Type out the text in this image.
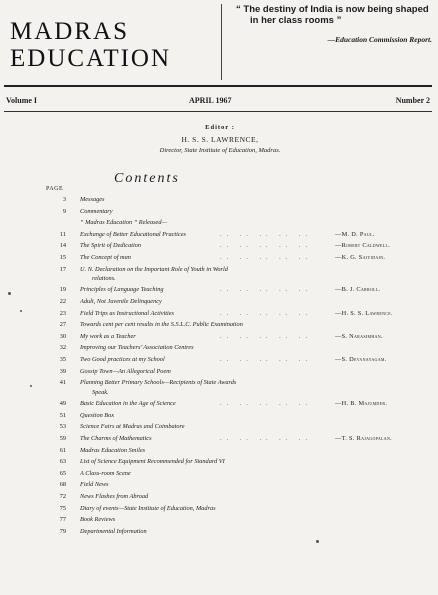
MADRAS
EDUCATION
“ The destiny of India is now being shaped
in her class rooms ”
—Education Commission Report.
Volume I	APRIL 1967	Number 2
Editor :
H. S. S. LAWRENCE,
Director, State Institute of Education, Madras.
Contents
PAGE
3 Messages
9 Commentary
“ Madras Education ” Released—
11 Exchange of Better Educational Practices	.. .. .. .. ..	—M. D. Paul.
14 The Spirit of Dedication	.. .. .. .. ..	—Robert Caldwell.
15 The Concept of man	.. .. .. .. ..	—K. G. Saiyidain.
17 U. N. Declaration on the Important Role of Youth in World
relations.
19 Principles of Language Teaching	.. .. .. .. ..	—B. J. Carroll.
22 Adult, Not Juvenile Delinquency
23 Field Trips as Instructional Activities	.. .. .. .. ..	—H. S. S. Lawrence.
27 Towards cent per cent results in the S.S.L.C. Public Examination
30 My work as a Teacher	.. .. .. .. ..	—S. Narasimhan.
32 Improving our Teachers’ Association Centres
35 Two Good practices at my School	.. .. .. .. ..	—S. Devanayagam.
39 Gossip Town—An Allegorical Poem
41 Planning Better Primary Schools—Recipients of State Awards
Speak.
49 Basic Education in the Age of Science	.. .. .. .. ..	—H. B. Majumder.
51 Question Box
53 Science Fairs at Madras and Coimbatore
59 The Charms of Mathematics	.. .. .. .. ..	—T. S. Rajagopalan.
61 Madras Education Smiles
63 List of Science Equipment Recommended for Standard VI
65 A Class-room Scene
68 Field News
72 News Flashes from Abroad
75 Diary of events—State Institute of Education, Madras
77 Book Reviews
79 Departmental Information
